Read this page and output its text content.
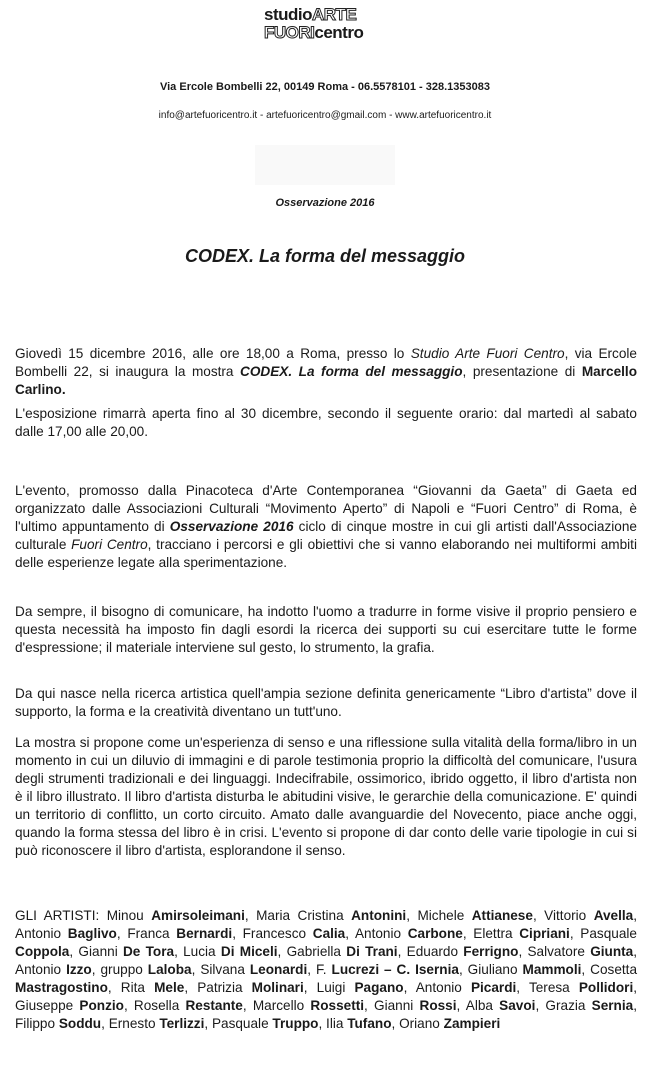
studioARTE
FUORIcentro
Via Ercole Bombelli 22, 00149 Roma - 06.5578101 - 328.1353083
info@artefuoricentro.it - artefuoricentro@gmail.com - www.artefuoricentro.it
Osservazione 2016
CODEX. La forma del messaggio

Giovedì 15 dicembre 2016, alle ore 18,00 a Roma, presso lo Studio Arte Fuori Centro, via Ercole Bombelli 22, si inaugura la mostra CODEX. La forma del messaggio, presentazione di Marcello Carlino.

L'esposizione rimarrà aperta fino al 30 dicembre, secondo il seguente orario: dal martedì al sabato dalle 17,00 alle 20,00.

L'evento, promosso dalla Pinacoteca d'Arte Contemporanea “Giovanni da Gaeta” di Gaeta ed organizzato dalle Associazioni Culturali “Movimento Aperto” di Napoli e “Fuori Centro” di Roma, è l'ultimo appuntamento di Osservazione 2016 ciclo di cinque mostre in cui gli artisti dall'Associazione culturale Fuori Centro, tracciano i percorsi e gli obiettivi che si vanno elaborando nei multiformi ambiti delle esperienze legate alla sperimentazione.

Da sempre, il bisogno di comunicare, ha indotto l'uomo a tradurre in forme visive il proprio pensiero e questa necessità ha imposto fin dagli esordi la ricerca dei supporti su cui esercitare tutte le forme d'espressione; il materiale interviene sul gesto, lo strumento, la grafia.

Da qui nasce nella ricerca artistica quell'ampia sezione definita genericamente “Libro d'artista” dove il supporto, la forma e la creatività diventano un tutt'uno.

La mostra si propone come un'esperienza di senso e una riflessione sulla vitalità della forma/libro in un momento in cui un diluvio di immagini e di parole testimonia proprio la difficoltà del comunicare, l'usura degli strumenti tradizionali e dei linguaggi. Indecifrabile, ossimorico, ibrido oggetto, il libro d'artista non è il libro illustrato. Il libro d'artista disturba le abitudini visive, le gerarchie della comunicazione. E' quindi un territorio di conflitto, un corto circuito. Amato dalle avanguardie del Novecento, piace anche oggi, quando la forma stessa del libro è in crisi. L'evento si propone di dar conto delle varie tipologie in cui si può riconoscere il libro d'artista, esplorandone il senso.

GLI ARTISTI: Minou Amirsoleimani, Maria Cristina Antonini, Michele Attianese, Vittorio Avella, Antonio Baglivo, Franca Bernardi, Francesco Calia, Antonio Carbone, Elettra Cipriani, Pasquale Coppola, Gianni De Tora, Lucia Di Miceli, Gabriella Di Trani, Eduardo Ferrigno, Salvatore Giunta, Antonio Izzo, gruppo Laloba, Silvana Leonardi, F. Lucrezi – C. Isernia, Giuliano Mammoli, Cosetta Mastragostino, Rita Mele, Patrizia Molinari, Luigi Pagano, Antonio Picardi, Teresa Pollidori, Giuseppe Ponzio, Rosella Restante, Marcello Rossetti, Gianni Rossi, Alba Savoi, Grazia Sernia, Filippo Soddu, Ernesto Terlizzi, Pasquale Truppo, Ilia Tufano, Oriano Zampieri
